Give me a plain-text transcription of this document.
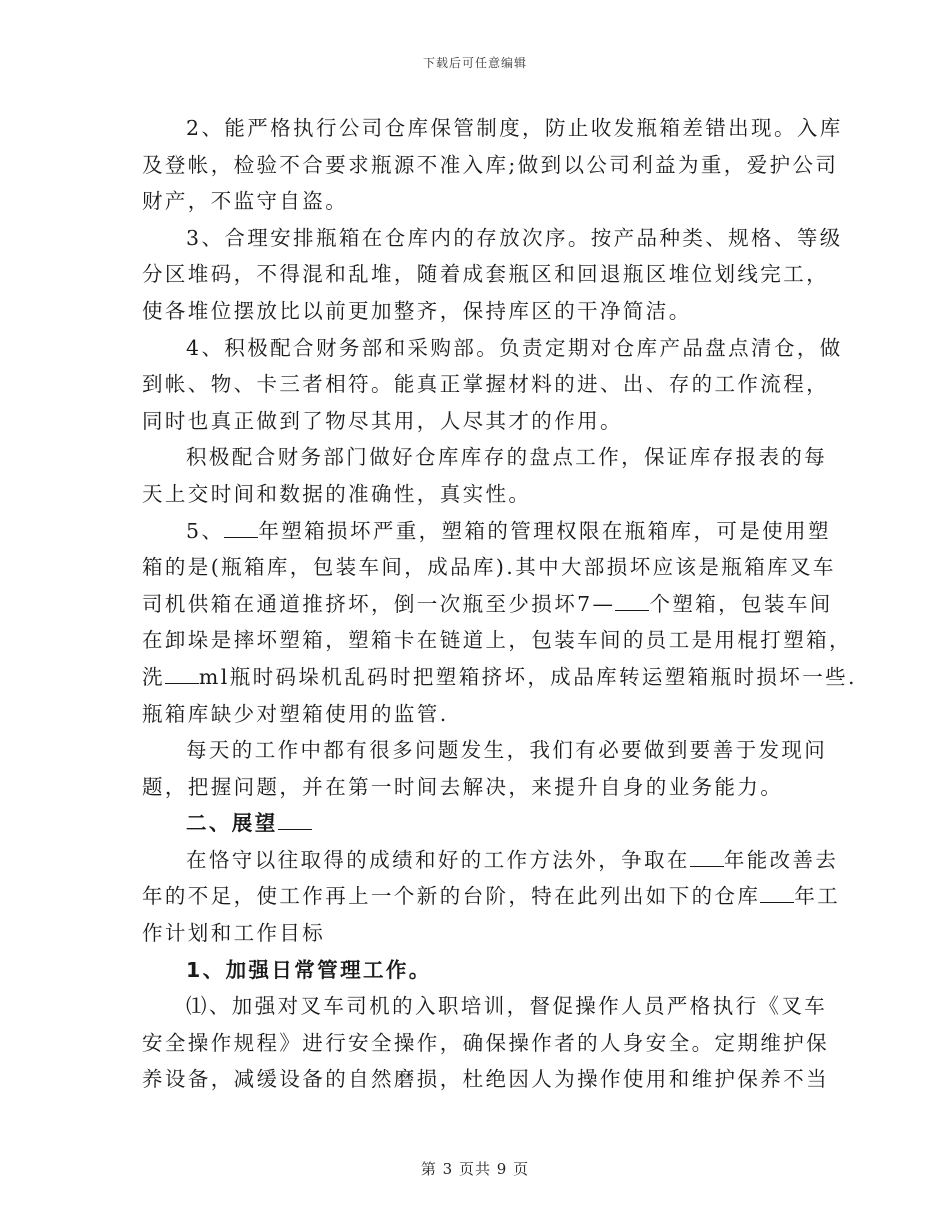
下载后可任意编辑
2、能严格执行公司仓库保管制度，防止收发瓶箱差错出现。入库
及登帐，检验不合要求瓶源不准入库;做到以公司利益为重，爱护公司
财产，不监守自盗。
3、合理安排瓶箱在仓库内的存放次序。按产品种类、规格、等级
分区堆码，不得混和乱堆，随着成套瓶区和回退瓶区堆位划线完工，
使各堆位摆放比以前更加整齐，保持库区的干净简洁。
4、积极配合财务部和采购部。负责定期对仓库产品盘点清仓，做
到帐、物、卡三者相符。能真正掌握材料的进、出、存的工作流程，
同时也真正做到了物尽其用，人尽其才的作用。
积极配合财务部门做好仓库库存的盘点工作，保证库存报表的每
天上交时间和数据的准确性，真实性。
5、 年塑箱损坏严重，塑箱的管理权限在瓶箱库，可是使用塑
箱的是(瓶箱库，包装车间，成品库).其中大部损坏应该是瓶箱库叉车
司机供箱在通道推挤坏，倒一次瓶至少损坏7— 个塑箱，包装车间
在卸垛是摔坏塑箱，塑箱卡在链道上，包装车间的员工是用棍打塑箱，
洗 ml瓶时码垛机乱码时把塑箱挤坏，成品库转运塑箱瓶时损坏一些.
瓶箱库缺少对塑箱使用的监管.
每天的工作中都有很多问题发生，我们有必要做到要善于发现问
题，把握问题，并在第一时间去解决，来提升自身的业务能力。
二、展望
在恪守以往取得的成绩和好的工作方法外，争取在 年能改善去
年的不足，使工作再上一个新的台阶，特在此列出如下的仓库 年工
作计划和工作目标
1、加强日常管理工作。
⑴、加强对叉车司机的入职培训，督促操作人员严格执行《叉车
安全操作规程》进行安全操作，确保操作者的人身安全。定期维护保
养设备，减缓设备的自然磨损，杜绝因人为操作使用和维护保养不当
第 3 页共 9 页
